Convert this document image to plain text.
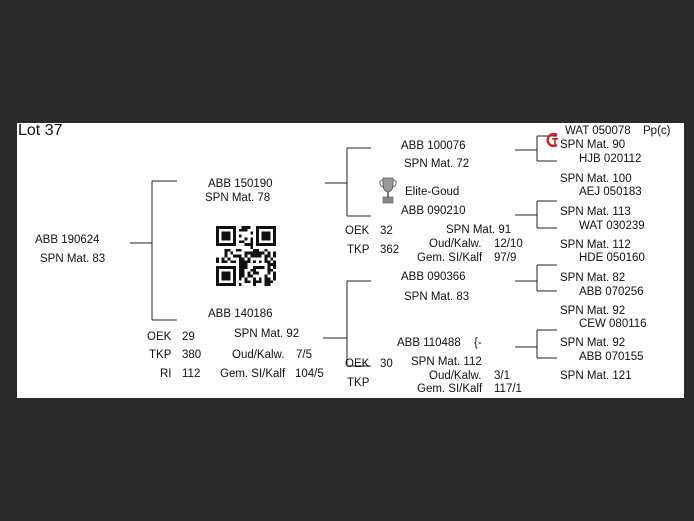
Lot 37
ABB 190624
SPN Mat. 83
ABB 150190
SPN Mat. 78
ABB 140186
SPN Mat. 92
OEK 29
TKP 380
RI 112
Oud/Kalw. 7/5
Gem. SI/Kalf 104/5
ABB 100076
SPN Mat. 72
Elite-Goud
ABB 090210
OEK 32	SPN Mat. 91
TKP 362	Oud/Kalw. 12/10
Gem. SI/Kalf 97/9
ABB 090366
SPN Mat. 83
ABB 110488 {-
OEK 30 SPN Mat. 112
TKP
Oud/Kalw. 3/1
Gem. SI/Kalf 117/1
WAT 050078 Pp(c)
SPN Mat. 90
HJB 020112
SPN Mat. 100
AEJ 050183
SPN Mat. 113
WAT 030239
SPN Mat. 112
HDE 050160
SPN Mat. 82
ABB 070256
SPN Mat. 92
CEW 080116
SPN Mat. 92
ABB 070155
SPN Mat. 121
